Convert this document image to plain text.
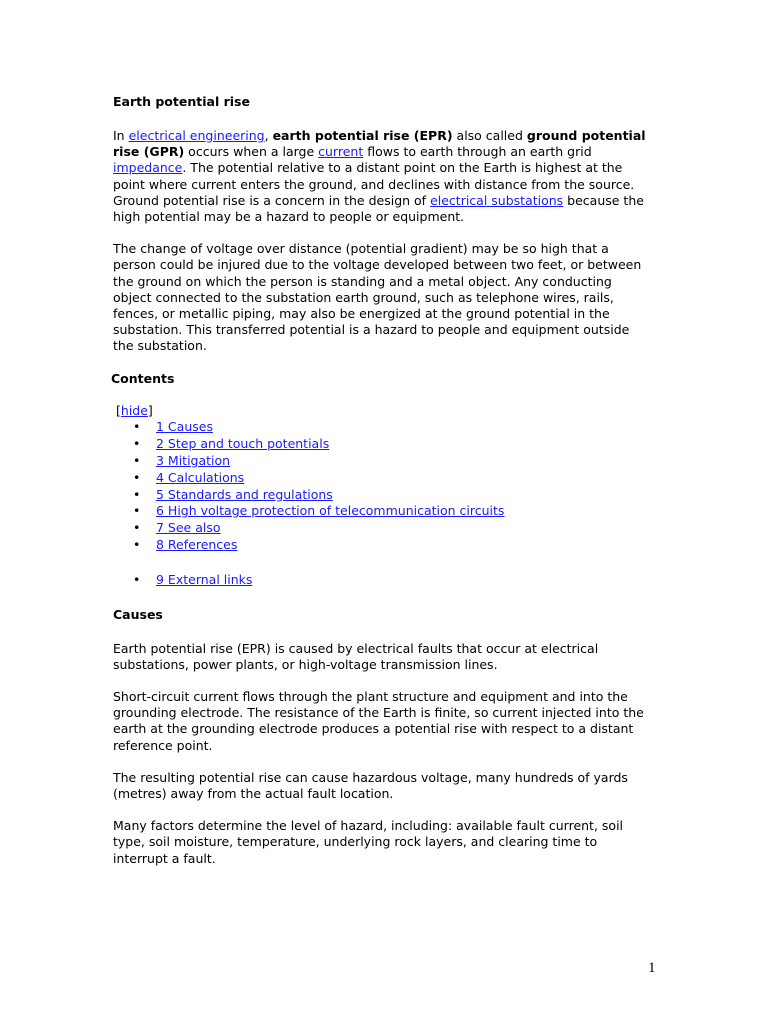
Earth potential rise

In electrical engineering, earth potential rise (EPR) also called ground potential rise (GPR) occurs when a large current flows to earth through an earth grid impedance. The potential relative to a distant point on the Earth is highest at the point where current enters the ground, and declines with distance from the source. Ground potential rise is a concern in the design of electrical substations because the high potential may be a hazard to people or equipment.

The change of voltage over distance (potential gradient) may be so high that a person could be injured due to the voltage developed between two feet, or between the ground on which the person is standing and a metal object. Any conducting object connected to the substation earth ground, such as telephone wires, rails, fences, or metallic piping, may also be energized at the ground potential in the substation. This transferred potential is a hazard to people and equipment outside the substation.

Contents
[hide]
• 1 Causes
• 2 Step and touch potentials
• 3 Mitigation
• 4 Calculations
• 5 Standards and regulations
• 6 High voltage protection of telecommunication circuits
• 7 See also
• 8 References
• 9 External links
Causes

Earth potential rise (EPR) is caused by electrical faults that occur at electrical substations, power plants, or high-voltage transmission lines.

Short-circuit current flows through the plant structure and equipment and into the grounding electrode. The resistance of the Earth is finite, so current injected into the earth at the grounding electrode produces a potential rise with respect to a distant reference point.

The resulting potential rise can cause hazardous voltage, many hundreds of yards (metres) away from the actual fault location.

Many factors determine the level of hazard, including: available fault current, soil type, soil moisture, temperature, underlying rock layers, and clearing time to interrupt a fault.

1
